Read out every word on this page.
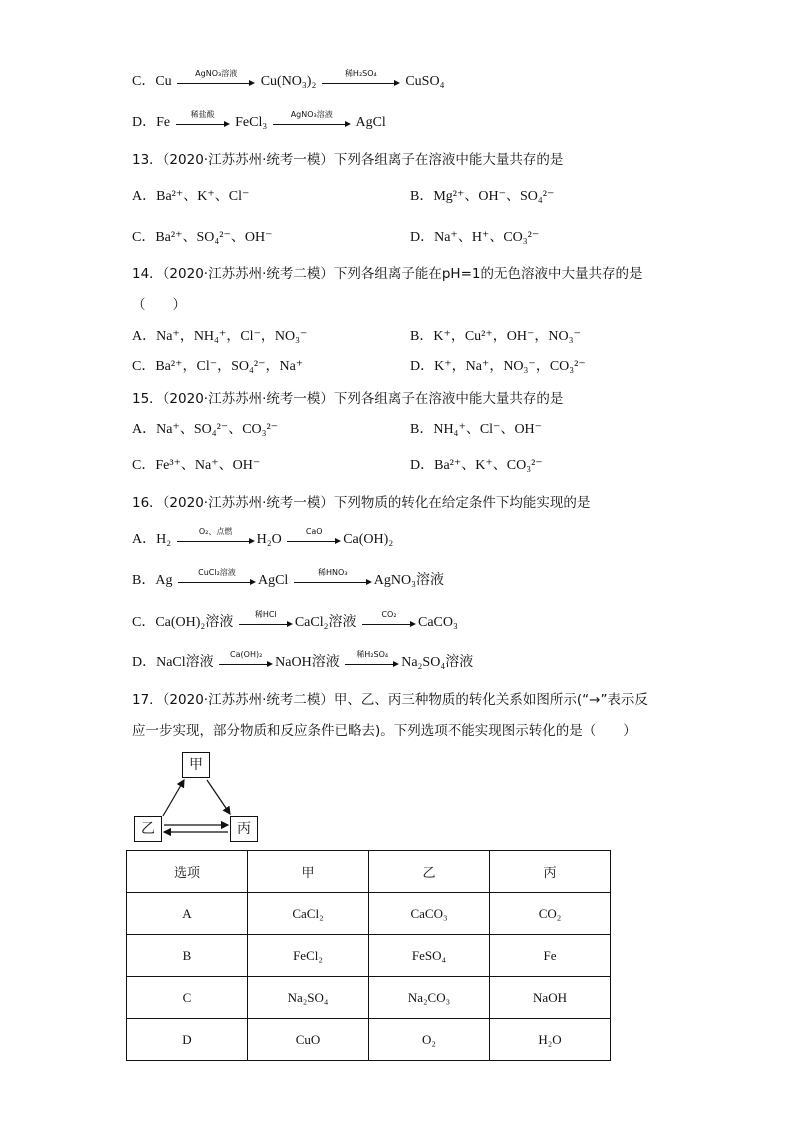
C．Cu
AgNO₃溶液
Cu(NO₃)₂
稀H₂SO₄
CuSO₄
D．Fe
稀盐酸
FeCl₃
AgNO₃溶液
AgCl
13．（2020·江苏苏州·统考一模）下列各组离子在溶液中能大量共存的是
A．Ba²⁺、K⁺、Cl⁻	B．Mg²⁺、OH⁻、SO₄²⁻
C．Ba²⁺、SO₄²⁻、OH⁻	D．Na⁺、H⁺、CO₃²⁻
14．（2020·江苏苏州·统考二模）下列各组离子能在pH=1的无色溶液中大量共存的是
（　　）
A．Na⁺，NH₄⁺，Cl⁻，NO₃⁻	B．K⁺，Cu²⁺，OH⁻，NO₃⁻
C．Ba²⁺，Cl⁻，SO₄²⁻，Na⁺	D．K⁺，Na⁺，NO₃⁻，CO₃²⁻
15．（2020·江苏苏州·统考一模）下列各组离子在溶液中能大量共存的是
A．Na⁺、SO₄²⁻、CO₃²⁻	B．NH₄⁺、Cl⁻、OH⁻
C．Fe³⁺、Na⁺、OH⁻	D．Ba²⁺、K⁺、CO₃²⁻
16．（2020·江苏苏州·统考一模）下列物质的转化在给定条件下均能实现的是
A．H₂
O₂、点燃
H₂O
CaO
Ca(OH)₂
B．Ag
CuCl₂溶液
AgCl
稀HNO₃
AgNO₃溶液
C．Ca(OH)₂溶液
稀HCl
CaCl₂溶液
CO₂
CaCO₃
D．NaCl溶液
Ca(OH)₂
NaOH溶液
稀H₂SO₄
Na₂SO₄溶液
17．（2020·江苏苏州·统考二模）甲、乙、丙三种物质的转化关系如图所示(“→”表示反
应一步实现，部分物质和反应条件已略去)。下列选项不能实现图示转化的是（　　）
甲
乙	丙
选项	甲	乙	丙
A	CaCl₂	CaCO₃	CO₂
B	FeCl₂	FeSO₄	Fe
C	Na₂SO₄	Na₂CO₃	NaOH
D	CuO	O₂	H₂O
